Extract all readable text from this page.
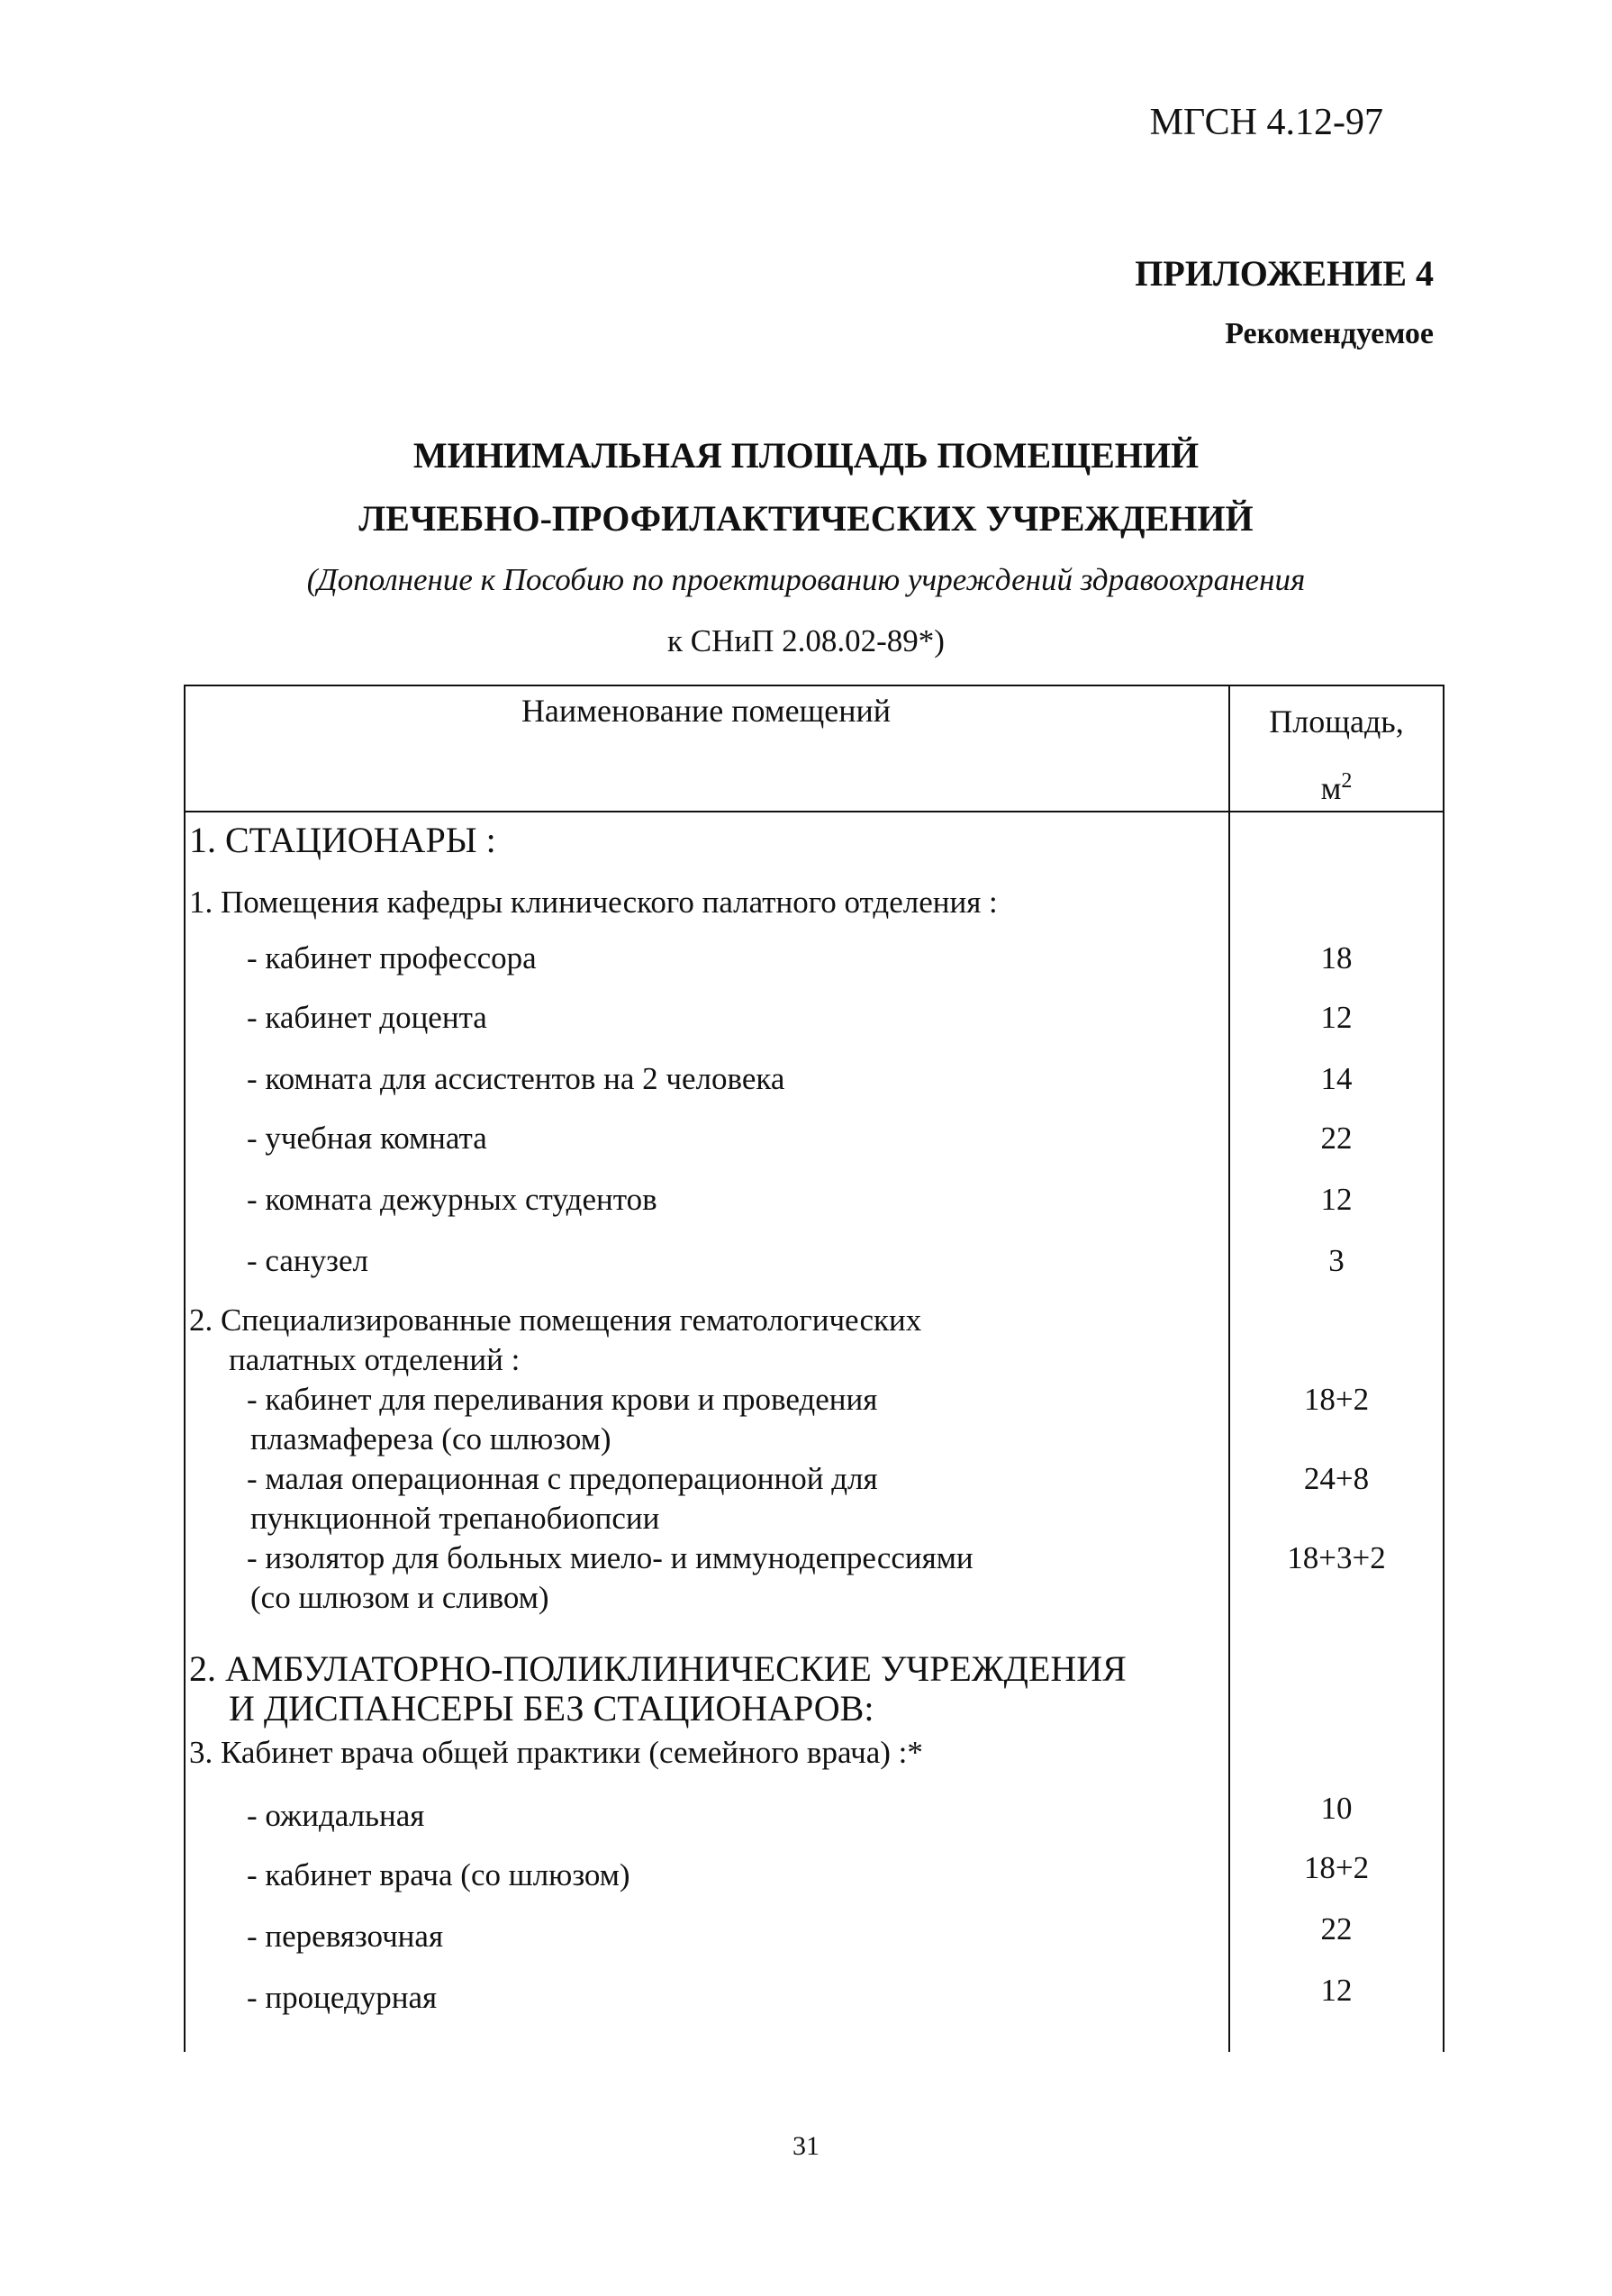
МГСН 4.12-97
ПРИЛОЖЕНИЕ 4
Рекомендуемое
МИНИМАЛЬНАЯ ПЛОЩАДЬ ПОМЕЩЕНИЙ
ЛЕЧЕБНО-ПРОФИЛАКТИЧЕСКИХ УЧРЕЖДЕНИЙ
(Дополнение к Пособию по проектированию учреждений здравоохранения
к СНиП 2.08.02-89*)
Наименование помещений	Площадь,
$м^2$
1. СТАЦИОНАРЫ :
1. Помещения кафедры клинического палатного отделения :
- кабинет профессора	18
- кабинет доцента	12
- комната для ассистентов на 2 человека	14
- учебная комната	22
- комната дежурных студентов	12
- санузел	3
2. Специализированные помещения гематологических
палатных отделений :
- кабинет для переливания крови и проведения	18+2
плазмафереза (со шлюзом)
- малая операционная с предоперационной для	24+8
пункционной трепанобиопсии
- изолятор для больных миело- и иммунодепрессиями	18+3+2
(со шлюзом и сливом)
2. АМБУЛАТОРНО-ПОЛИКЛИНИЧЕСКИЕ УЧРЕЖДЕНИЯ
И ДИСПАНСЕРЫ БЕЗ СТАЦИОНАРОВ:
3. Кабинет врача общей практики (семейного врача) :*
- ожидальная	10
- кабинет врача (со шлюзом)	18+2
- перевязочная	22
- процедурная	12
31
